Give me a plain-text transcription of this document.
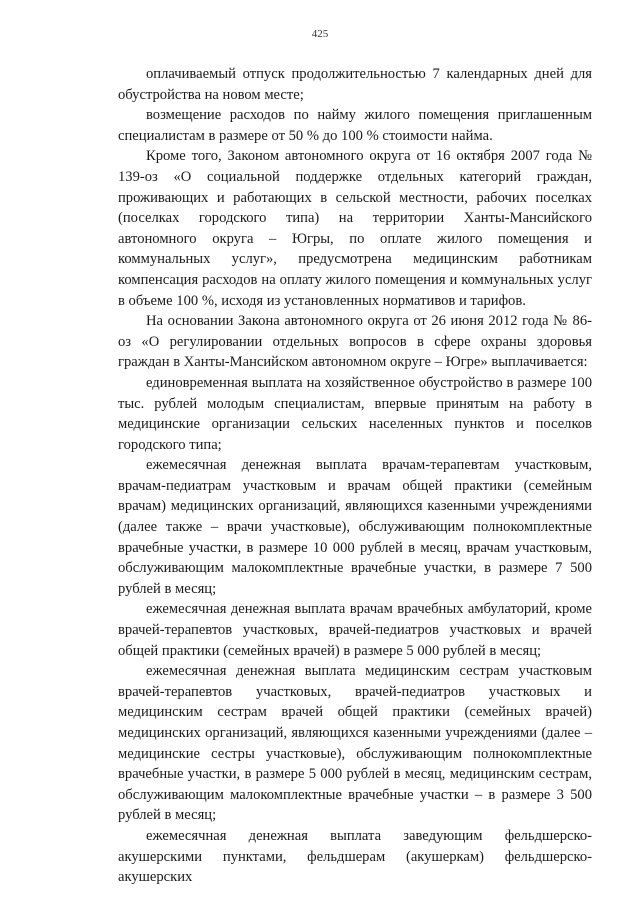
425

оплачиваемый отпуск продолжительностью 7 календарных дней для обустройства на новом месте;

возмещение расходов по найму жилого помещения приглашенным специалистам в размере от 50 % до 100 % стоимости найма.

Кроме того, Законом автономного округа от 16 октября 2007 года № 139-оз «О социальной поддержке отдельных категорий граждан, проживающих и работающих в сельской местности, рабочих поселках (поселках городского типа) на территории Ханты-Мансийского автономного округа – Югры, по оплате жилого помещения и коммунальных услуг», предусмотрена медицинским работникам компенсация расходов на оплату жилого помещения и коммунальных услуг в объеме 100 %, исходя из установленных нормативов и тарифов.

На основании Закона автономного округа от 26 июня 2012 года № 86-оз «О регулировании отдельных вопросов в сфере охраны здоровья граждан в Ханты-Мансийском автономном округе – Югре» выплачивается:

единовременная выплата на хозяйственное обустройство в размере 100 тыс. рублей молодым специалистам, впервые принятым на работу в медицинские организации сельских населенных пунктов и поселков городского типа;

ежемесячная денежная выплата врачам-терапевтам участковым, врачам-педиатрам участковым и врачам общей практики (семейным врачам) медицинских организаций, являющихся казенными учреждениями (далее также – врачи участковые), обслуживающим полнокомплектные врачебные участки, в размере 10 000 рублей в месяц, врачам участковым, обслуживающим малокомплектные врачебные участки, в размере 7 500 рублей в месяц;

ежемесячная денежная выплата врачам врачебных амбулаторий, кроме врачей-терапевтов участковых, врачей-педиатров участковых и врачей общей практики (семейных врачей) в размере 5 000 рублей в месяц;

ежемесячная денежная выплата медицинским сестрам участковым врачей-терапевтов участковых, врачей-педиатров участковых и медицинским сестрам врачей общей практики (семейных врачей) медицинских организаций, являющихся казенными учреждениями (далее – медицинские сестры участковые), обслуживающим полнокомплектные врачебные участки, в размере 5 000 рублей в месяц, медицинским сестрам, обслуживающим малокомплектные врачебные участки – в размере 3 500 рублей в месяц;

ежемесячная денежная выплата заведующим фельдшерско-акушерскими пунктами, фельдшерам (акушеркам) фельдшерско-акушерских
